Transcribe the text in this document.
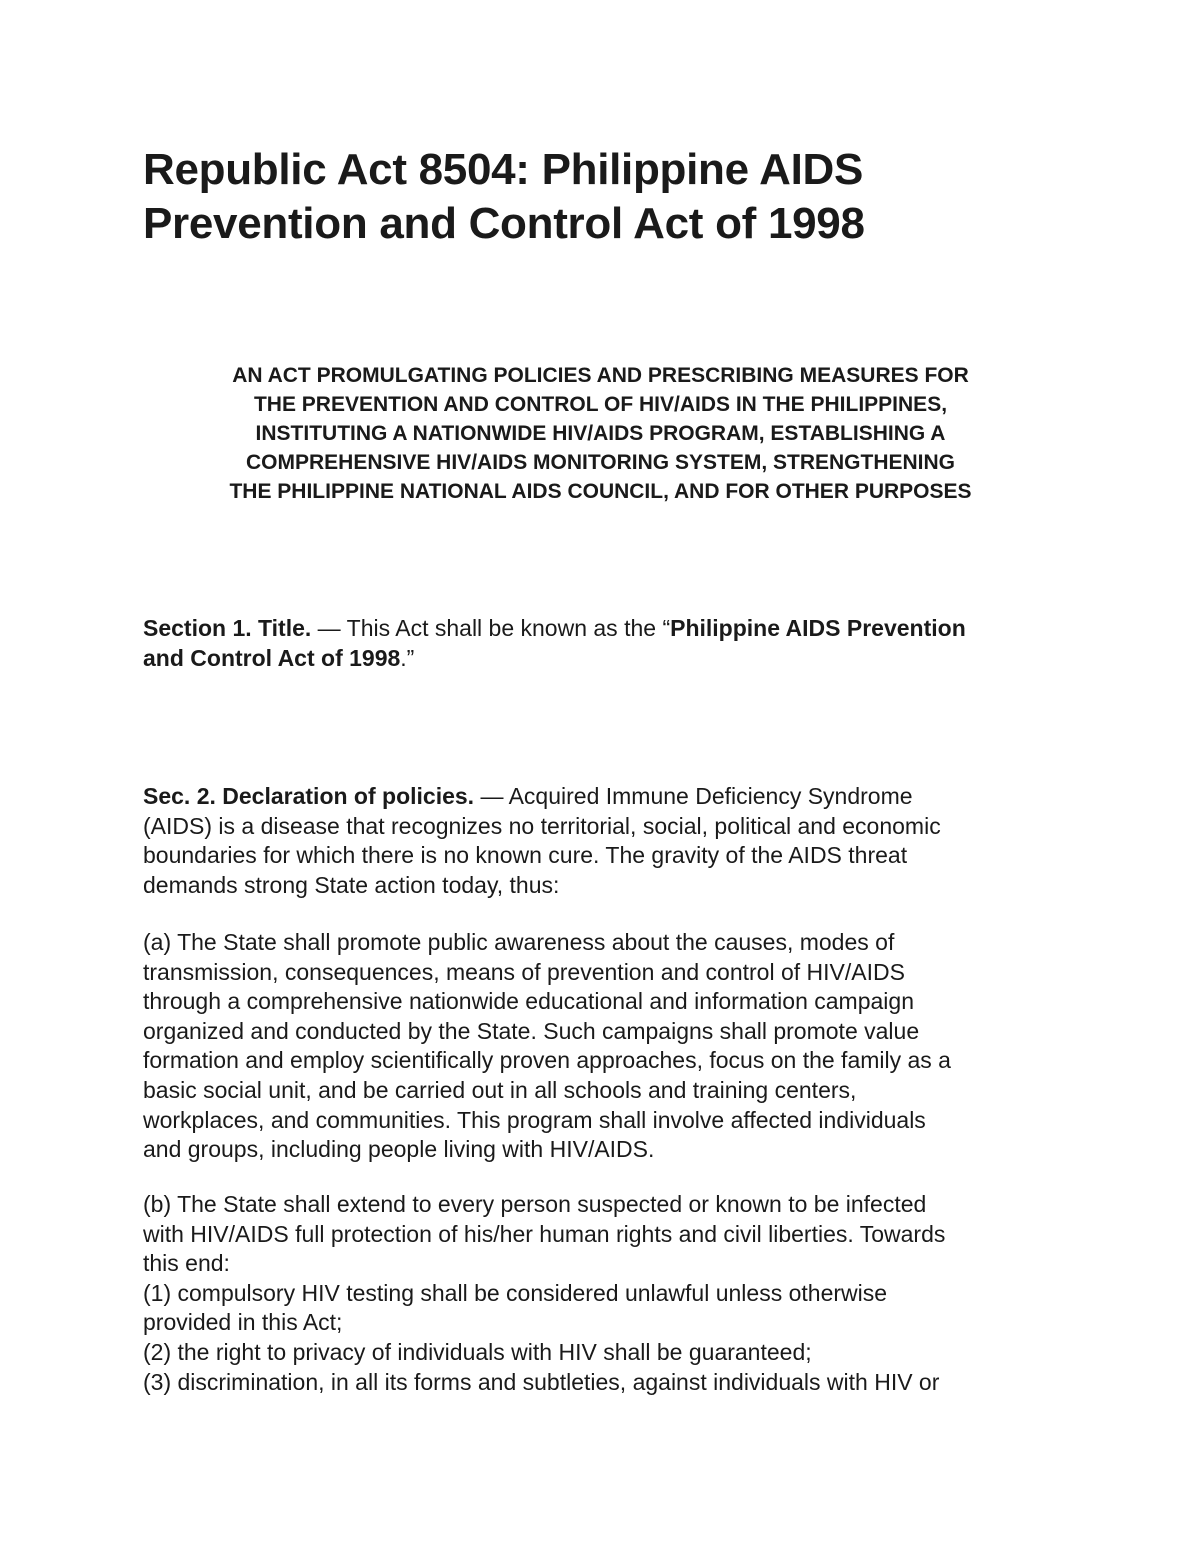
Republic Act 8504: Philippine AIDS
Prevention and Control Act of 1998
AN ACT PROMULGATING POLICIES AND PRESCRIBING MEASURES FOR
THE PREVENTION AND CONTROL OF HIV/AIDS IN THE PHILIPPINES,
INSTITUTING A NATIONWIDE HIV/AIDS PROGRAM, ESTABLISHING A
COMPREHENSIVE HIV/AIDS MONITORING SYSTEM, STRENGTHENING
THE PHILIPPINE NATIONAL AIDS COUNCIL, AND FOR OTHER PURPOSES
Section 1. Title. — This Act shall be known as the “Philippine AIDS Prevention
and Control Act of 1998.”
Sec. 2. Declaration of policies. — Acquired Immune Deficiency Syndrome
(AIDS) is a disease that recognizes no territorial, social, political and economic
boundaries for which there is no known cure. The gravity of the AIDS threat
demands strong State action today, thus:
(a) The State shall promote public awareness about the causes, modes of
transmission, consequences, means of prevention and control of HIV/AIDS
through a comprehensive nationwide educational and information campaign
organized and conducted by the State. Such campaigns shall promote value
formation and employ scientifically proven approaches, focus on the family as a
basic social unit, and be carried out in all schools and training centers,
workplaces, and communities. This program shall involve affected individuals
and groups, including people living with HIV/AIDS.
(b) The State shall extend to every person suspected or known to be infected
with HIV/AIDS full protection of his/her human rights and civil liberties. Towards
this end:
(1) compulsory HIV testing shall be considered unlawful unless otherwise
provided in this Act;
(2) the right to privacy of individuals with HIV shall be guaranteed;
(3) discrimination, in all its forms and subtleties, against individuals with HIV or
